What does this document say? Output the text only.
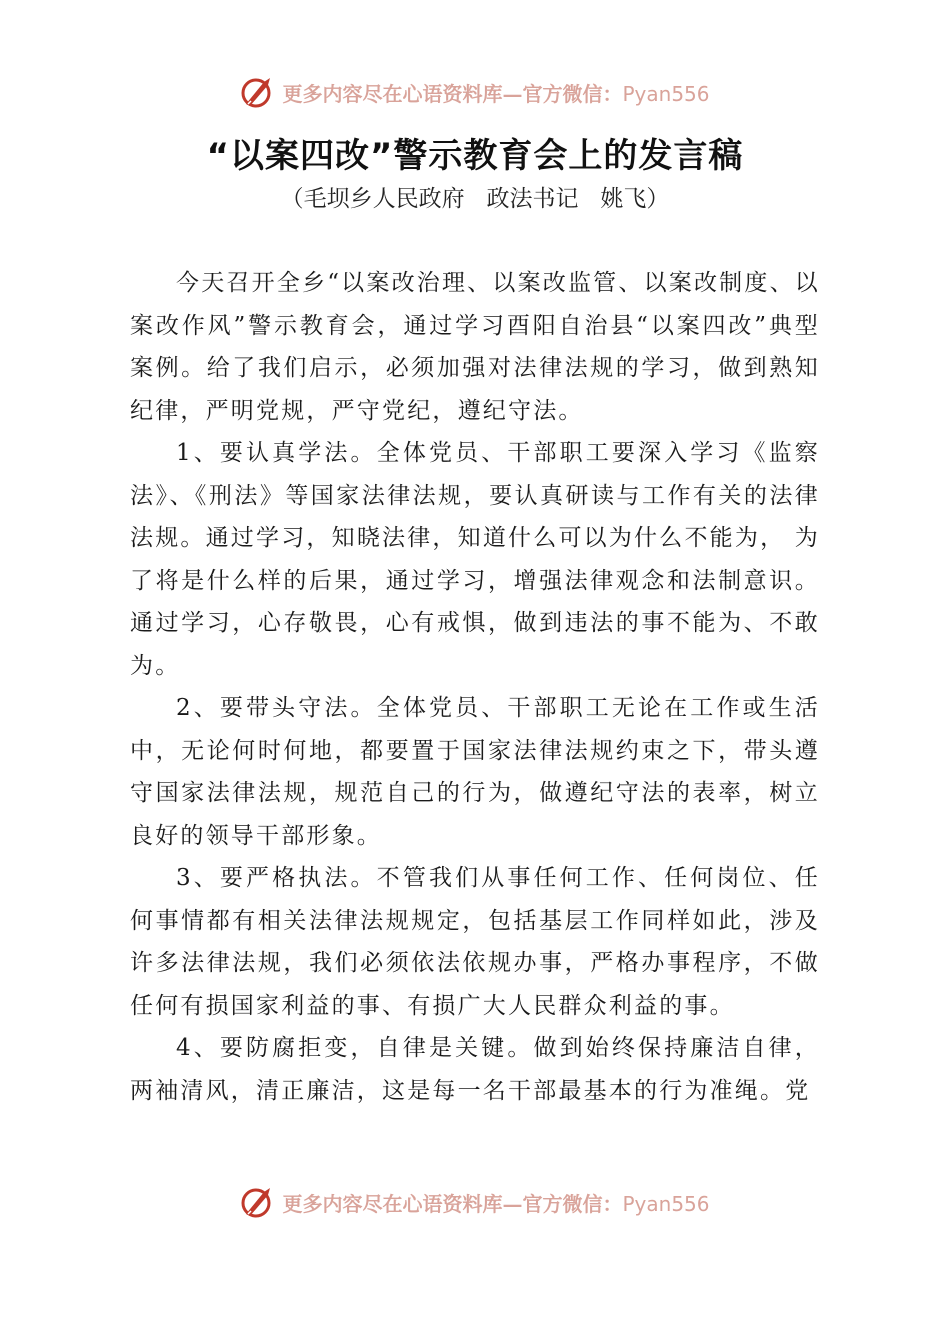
更多内容尽在心语资料库—官方微信：Pyan556
“以案四改”警示教育会上的发言稿
（毛坝乡人民政府   政法书记   姚飞）

今天召开全乡“以案改治理、以案改监管、以案改制度、以案改作风”警示教育会，通过学习酉阳自治县“以案四改”典型案例。给了我们启示，必须加强对法律法规的学习，做到熟知纪律，严明党规，严守党纪，遵纪守法。

1、要认真学法。全体党员、干部职工要深入学习《监察法》、《刑法》等国家法律法规，要认真研读与工作有关的法律法规。通过学习，知晓法律，知道什么可以为什么不能为， 为了将是什么样的后果，通过学习，增强法律观念和法制意识。通过学习，心存敬畏，心有戒惧，做到违法的事不能为、不敢为。

2、要带头守法。全体党员、干部职工无论在工作或生活中，无论何时何地，都要置于国家法律法规约束之下，带头遵守国家法律法规，规范自己的行为，做遵纪守法的表率，树立良好的领导干部形象。

3、要严格执法。不管我们从事任何工作、任何岗位、任何事情都有相关法律法规规定，包括基层工作同样如此，涉及许多法律法规，我们必须依法依规办事，严格办事程序，不做任何有损国家利益的事、有损广大人民群众利益的事。

4、要防腐拒变，自律是关键。做到始终保持廉洁自律，两袖清风，清正廉洁，这是每一名干部最基本的行为准绳。党

更多内容尽在心语资料库—官方微信：Pyan556
